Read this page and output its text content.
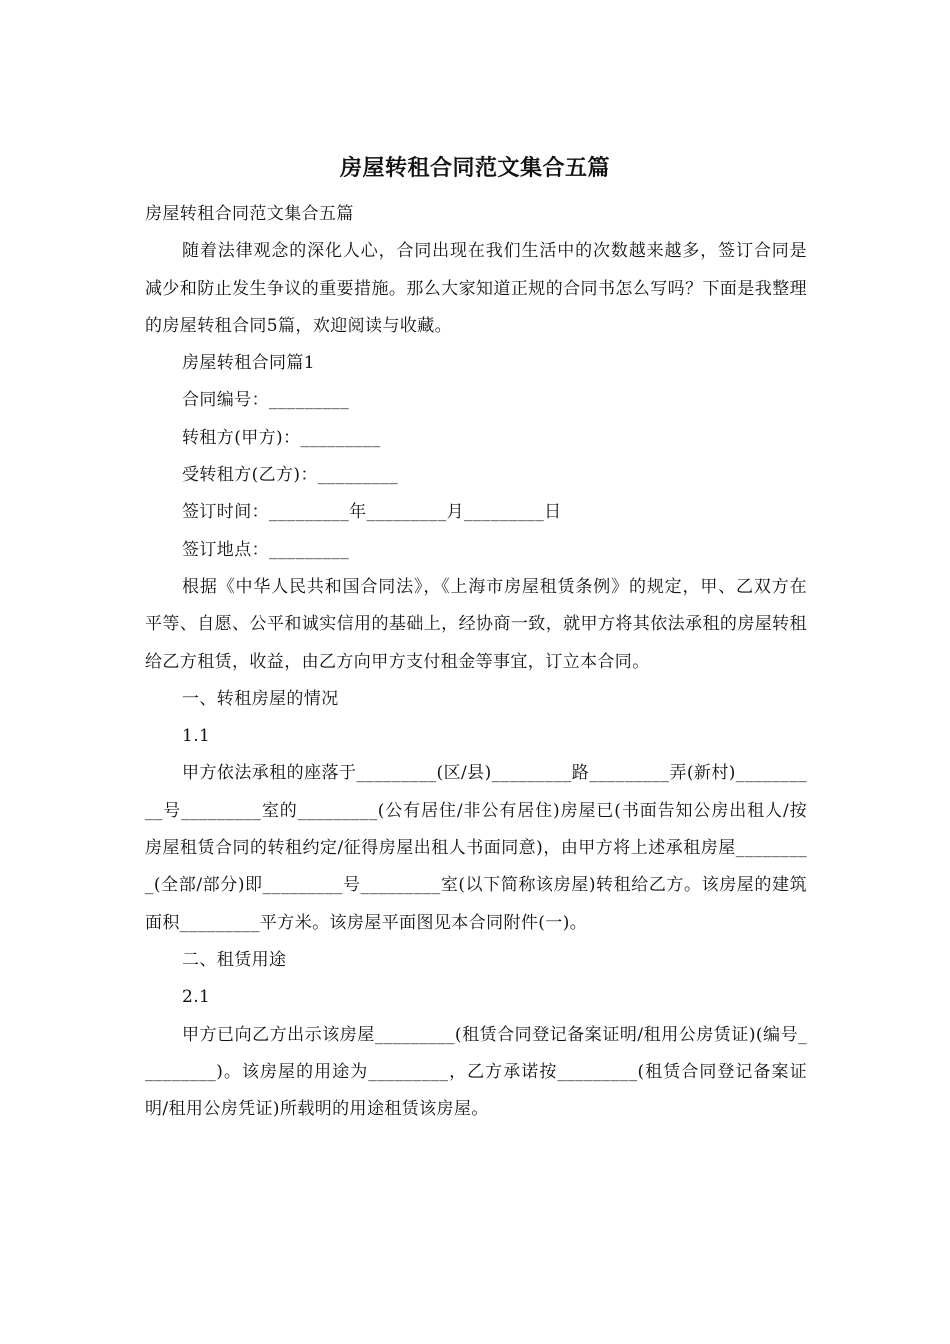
房屋转租合同范文集合五篇

房屋转租合同范文集合五篇

随着法律观念的深化人心，合同出现在我们生活中的次数越来越多，签订合同是减少和防止发生争议的重要措施。那么大家知道正规的合同书怎么写吗？下面是我整理的房屋转租合同5篇，欢迎阅读与收藏。

房屋转租合同篇1

合同编号：_________

转租方(甲方)：_________

受转租方(乙方)：_________

签订时间：_________年_________月_________日

签订地点：_________

根据《中华人民共和国合同法》，《上海市房屋租赁条例》的规定，甲、乙双方在平等、自愿、公平和诚实信用的基础上，经协商一致，就甲方将其依法承租的房屋转租给乙方租赁，收益，由乙方向甲方支付租金等事宜，订立本合同。

一、转租房屋的情况

1.1

甲方依法承租的座落于_________(区/县)_________路_________弄(新村)__________号_________室的_________(公有居住/非公有居住)房屋已(书面告知公房出租人/按房屋租赁合同的转租约定/征得房屋出租人书面同意)，由甲方将上述承租房屋_________(全部/部分)即_________号_________室(以下简称该房屋)转租给乙方。该房屋的建筑面积_________平方米。该房屋平面图见本合同附件(一)。

二、租赁用途

2.1

甲方已向乙方出示该房屋_________(租赁合同登记备案证明/租用公房赁证)(编号_________)。该房屋的用途为_________，乙方承诺按_________(租赁合同登记备案证明/租用公房凭证)所载明的用途租赁该房屋。
